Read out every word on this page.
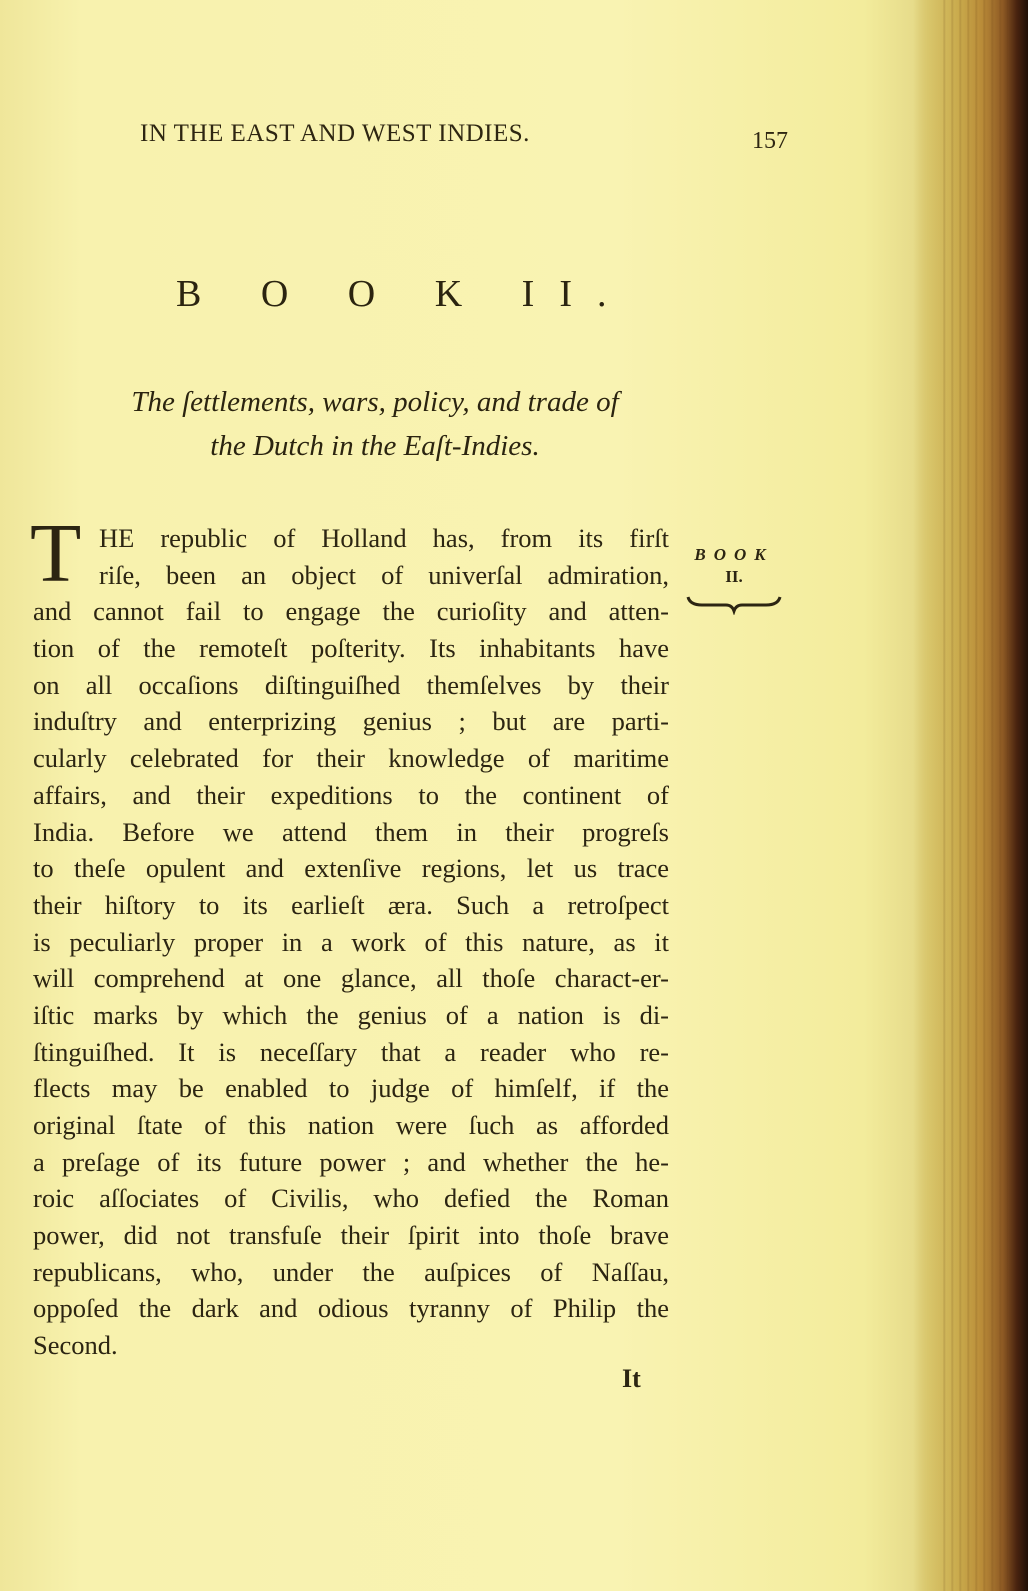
IN THE EAST AND WEST INDIES.	157
B O O K II.
The ſettlements, wars, policy, and trade of
the Dutch in the Eaſt-Indies.
T HE republic of Holland has, from its firſt
riſe, been an object of univerſal admiration,
and cannot fail to engage the curioſity and atten-
tion of the remoteſt poſterity. Its inhabitants have
on all occaſions diſtinguiſhed themſelves by their
induſtry and enterprizing genius ; but are parti-
cularly celebrated for their knowledge of maritime
affairs, and their expeditions to the continent of
India. Before we attend them in their progreſs
to theſe opulent and extenſive regions, let us trace
their hiſtory to its earlieſt æra. Such a retroſpect
is peculiarly proper in a work of this nature, as it
will comprehend at one glance, all thoſe charact-er-
iſtic marks by which the genius of a nation is di-
ſtinguiſhed. It is neceſſary that a reader who re-
flects may be enabled to judge of himſelf, if the
original ſtate of this nation were ſuch as afforded
a preſage of its future power ; and whether the he-
roic aſſociates of Civilis, who defied the Roman
power, did not transfuſe their ſpirit into thoſe brave
republicans, who, under the auſpices of Naſſau,
oppoſed the dark and odious tyranny of Philip the
Second.
BOOK
II.
It
